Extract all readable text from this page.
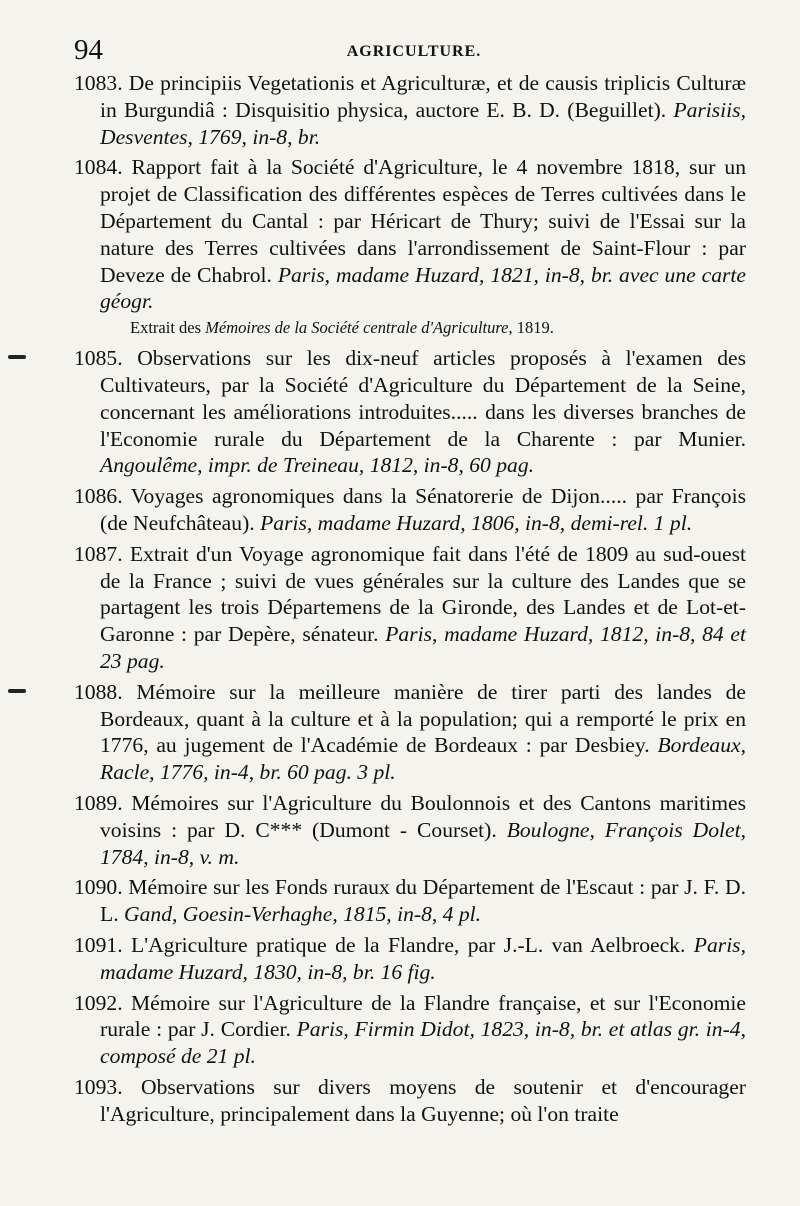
94	AGRICULTURE.
1083. De principiis Vegetationis et Agriculturæ, et de causis triplicis Culturæ in Burgundiâ : Disquisitio physica, auctore E. B. D. (Beguillet). Parisiis, Desventes, 1769, in-8, br.
1084. Rapport fait à la Société d'Agriculture, le 4 novembre 1818, sur un projet de Classification des différentes espèces de Terres cultivées dans le Département du Cantal : par Héricart de Thury; suivi de l'Essai sur la nature des Terres cultivées dans l'arrondissement de Saint-Flour : par Deveze de Chabrol. Paris, madame Huzard, 1821, in-8, br. avec une carte géogr.
Extrait des Mémoires de la Société centrale d'Agriculture, 1819.
1085. Observations sur les dix-neuf articles proposés à l'examen des Cultivateurs, par la Société d'Agriculture du Département de la Seine, concernant les améliorations introduites..... dans les diverses branches de l'Economie rurale du Département de la Charente : par Munier. Angoulême, impr. de Treineau, 1812, in-8, 60 pag.
1086. Voyages agronomiques dans la Sénatorerie de Dijon..... par François (de Neufchâteau). Paris, madame Huzard, 1806, in-8, demi-rel. 1 pl.
1087. Extrait d'un Voyage agronomique fait dans l'été de 1809 au sud-ouest de la France ; suivi de vues générales sur la culture des Landes que se partagent les trois Départemens de la Gironde, des Landes et de Lot-et-Garonne : par Depère, sénateur. Paris, madame Huzard, 1812, in-8, 84 et 23 pag.
1088. Mémoire sur la meilleure manière de tirer parti des landes de Bordeaux, quant à la culture et à la population; qui a remporté le prix en 1776, au jugement de l'Académie de Bordeaux : par Desbiey. Bordeaux, Racle, 1776, in-4, br. 60 pag. 3 pl.
1089. Mémoires sur l'Agriculture du Boulonnois et des Cantons maritimes voisins : par D. C*** (Dumont - Courset). Boulogne, François Dolet, 1784, in-8, v. m.
1090. Mémoire sur les Fonds ruraux du Département de l'Escaut : par J. F. D. L. Gand, Goesin-Verhaghe, 1815, in-8, 4 pl.
1091. L'Agriculture pratique de la Flandre, par J.-L. van Aelbroeck. Paris, madame Huzard, 1830, in-8, br. 16 fig.
1092. Mémoire sur l'Agriculture de la Flandre française, et sur l'Economie rurale : par J. Cordier. Paris, Firmin Didot, 1823, in-8, br. et atlas gr. in-4, composé de 21 pl.
1093. Observations sur divers moyens de soutenir et d'encourager l'Agriculture, principalement dans la Guyenne; où l'on traite
